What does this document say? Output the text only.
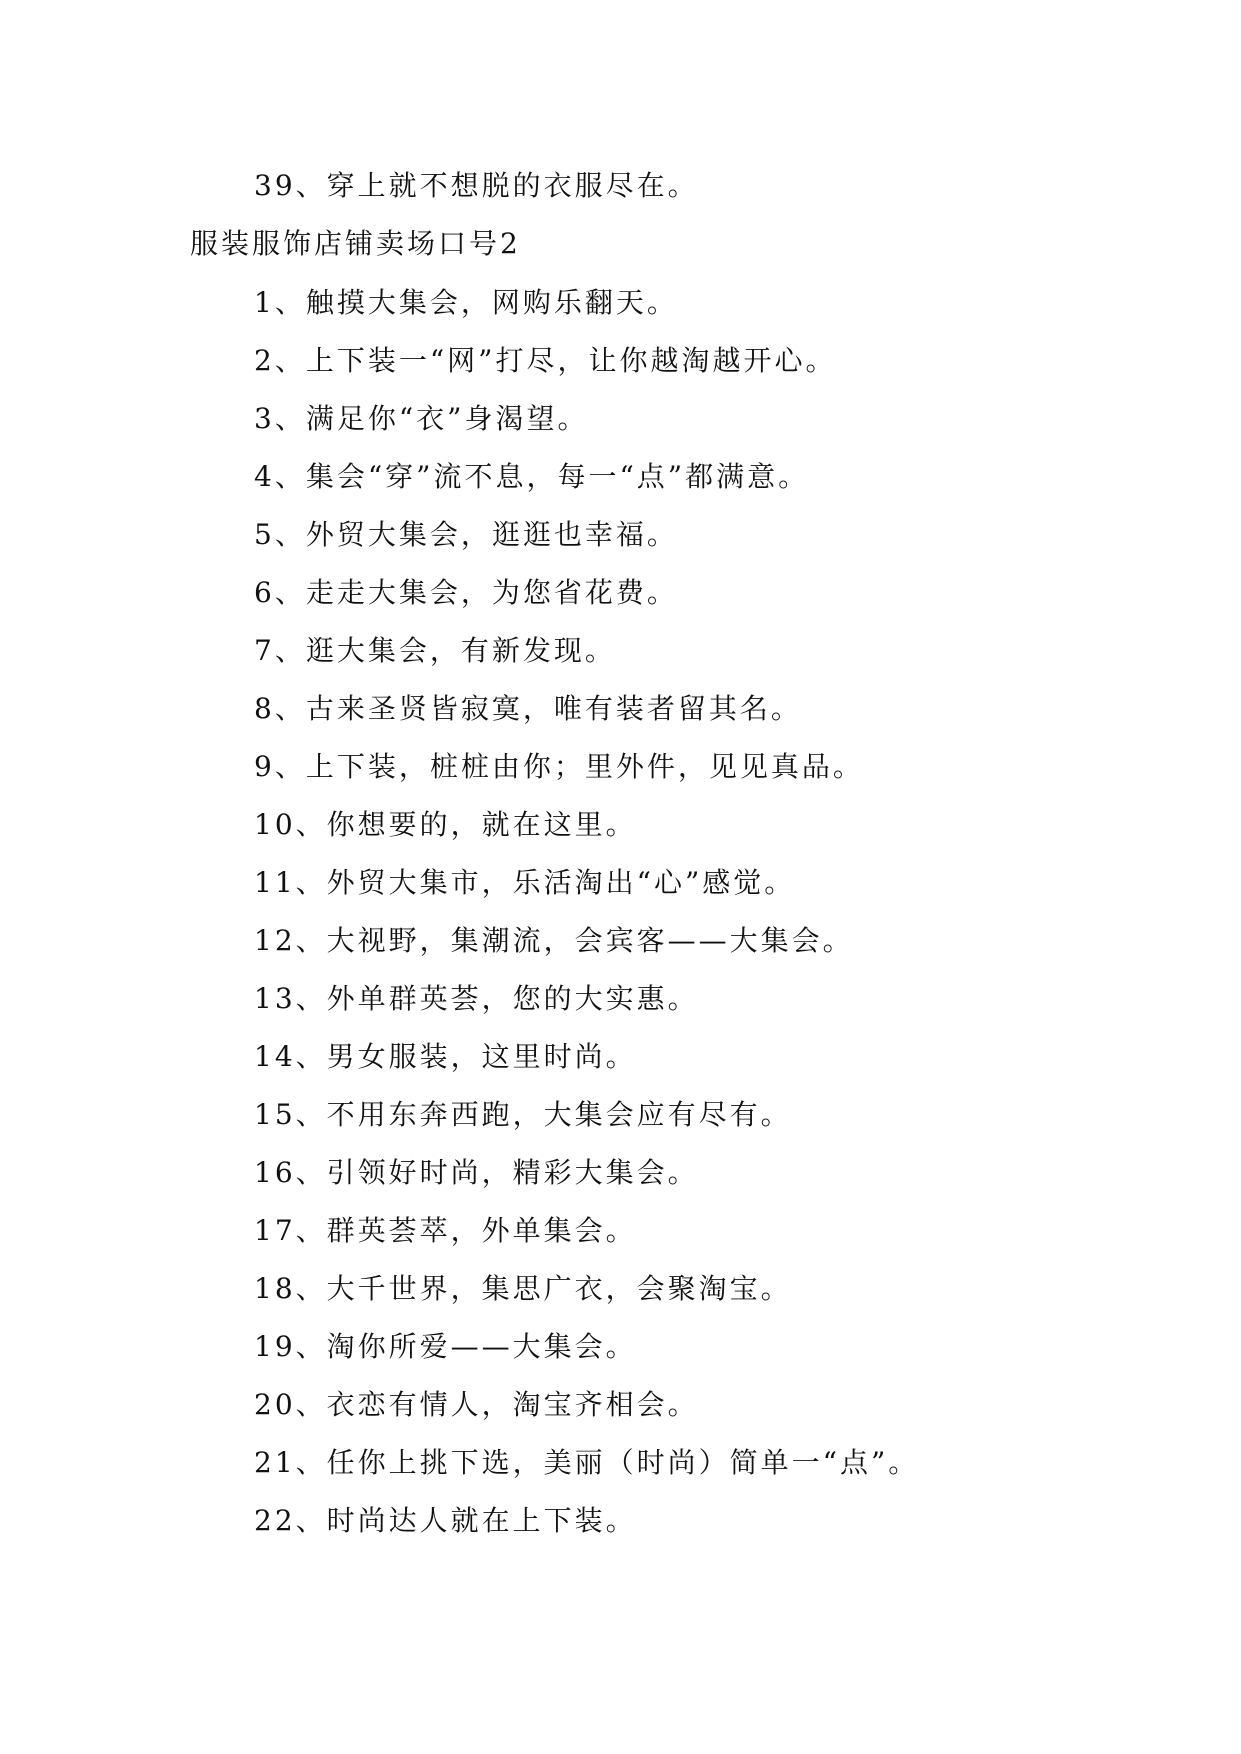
39、穿上就不想脱的衣服尽在。
服装服饰店铺卖场口号2
1、触摸大集会，网购乐翻天。
2、上下装一“网”打尽，让你越淘越开心。
3、满足你“衣”身渴望。
4、集会“穿”流不息，每一“点”都满意。
5、外贸大集会，逛逛也幸福。
6、走走大集会，为您省花费。
7、逛大集会，有新发现。
8、古来圣贤皆寂寞，唯有装者留其名。
9、上下装，桩桩由你；里外件，见见真品。
10、你想要的，就在这里。
11、外贸大集市，乐活淘出“心”感觉。
12、大视野，集潮流，会宾客——大集会。
13、外单群英荟，您的大实惠。
14、男女服装，这里时尚。
15、不用东奔西跑，大集会应有尽有。
16、引领好时尚，精彩大集会。
17、群英荟萃，外单集会。
18、大千世界，集思广衣，会聚淘宝。
19、淘你所爱——大集会。
20、衣恋有情人，淘宝齐相会。
21、任你上挑下选，美丽（时尚）简单一“点”。
22、时尚达人就在上下装。
